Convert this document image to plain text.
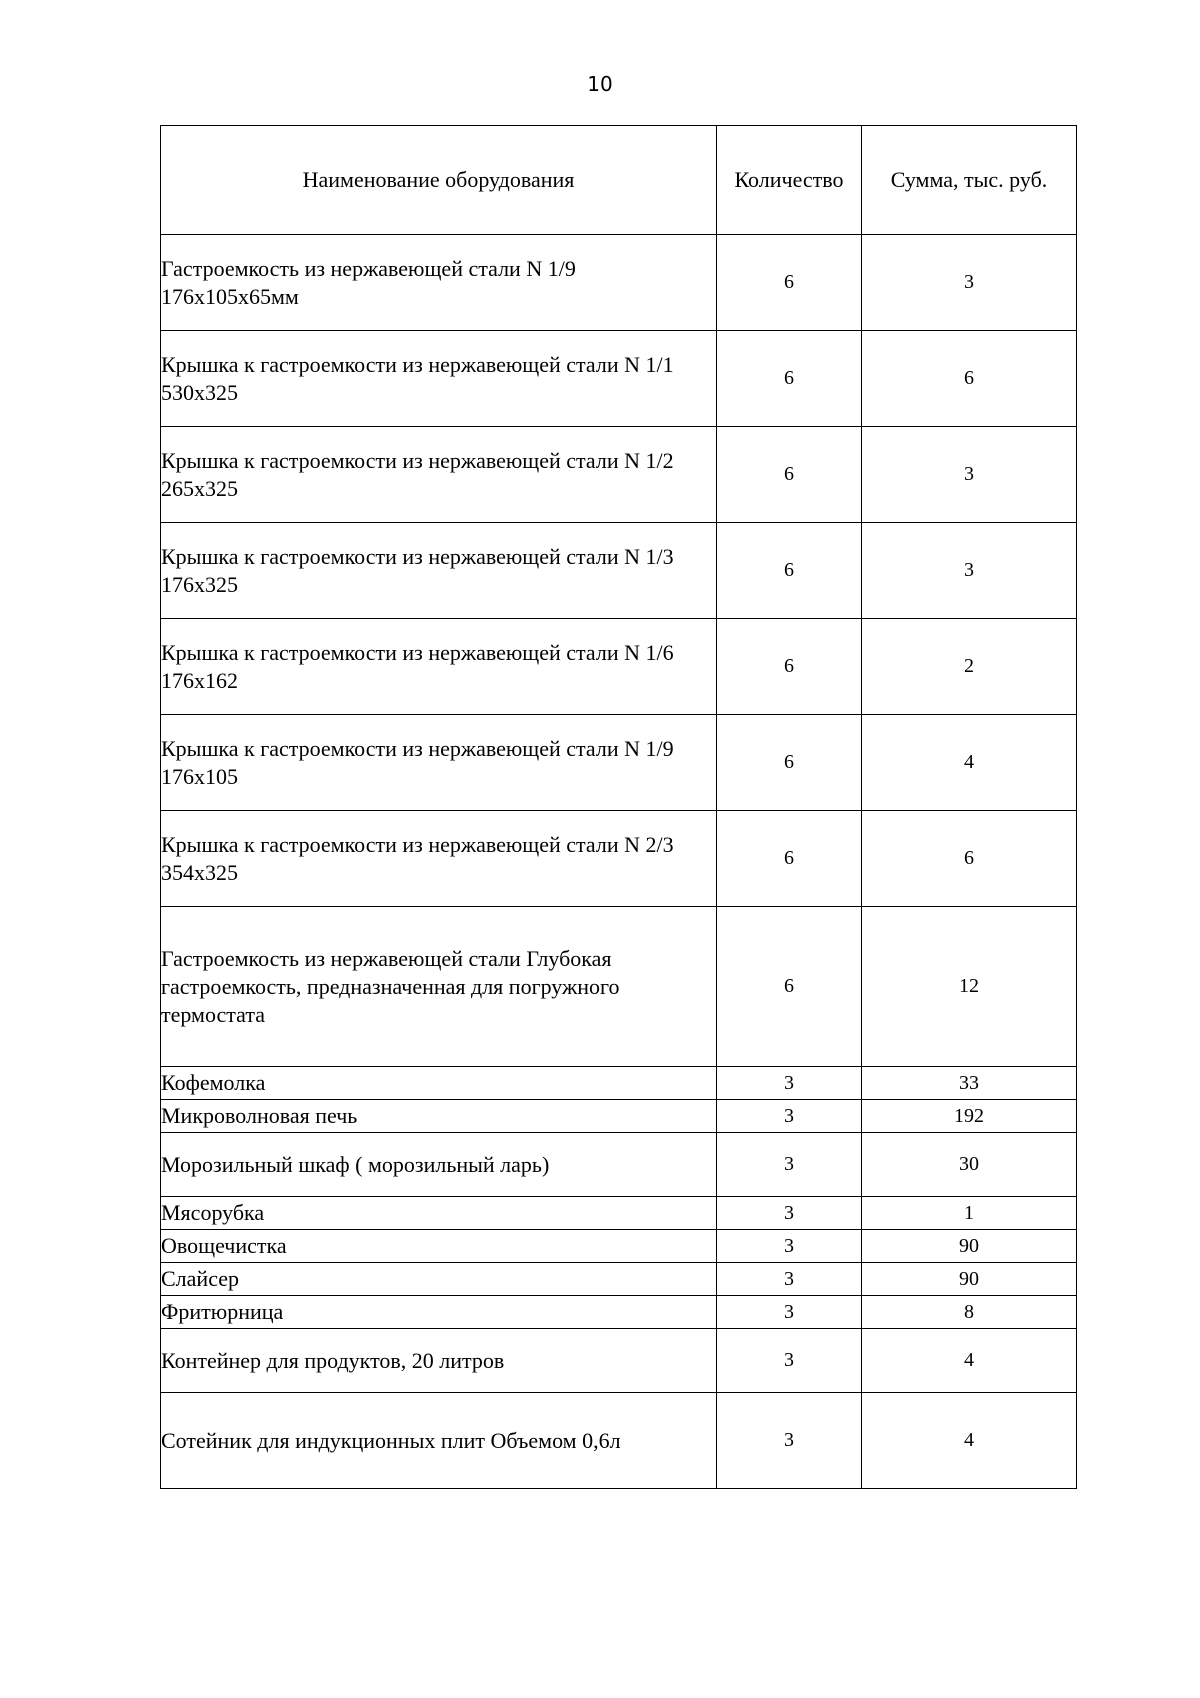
10
Наименование оборудования	Количество	Сумма, тыс. руб.
Гастроемкость из нержавеющей стали N 1/9 176x105x65мм	6	3
Крышка к гастроемкости из нержавеющей стали N 1/1 530x325	6	6
Крышка к гастроемкости из нержавеющей стали N 1/2 265x325	6	3
Крышка к гастроемкости из нержавеющей стали N 1/3 176x325	6	3
Крышка к гастроемкости из нержавеющей стали N 1/6 176x162	6	2
Крышка к гастроемкости из нержавеющей стали N 1/9 176x105	6	4
Крышка к гастроемкости из нержавеющей стали N 2/3 354x325	6	6
Гастроемкость из нержавеющей стали Глубокая гастроемкость, предназначенная для погружного термостата	6	12
Кофемолка	3	33
Микроволновая печь	3	192
Морозильный шкаф ( морозильный ларь)	3	30
Мясорубка	3	1
Овощечистка	3	90
Слайсер	3	90
Фритюрница	3	8
Контейнер для продуктов, 20 литров	3	4
Сотейник для индукционных плит Объемом 0,6л	3	4
